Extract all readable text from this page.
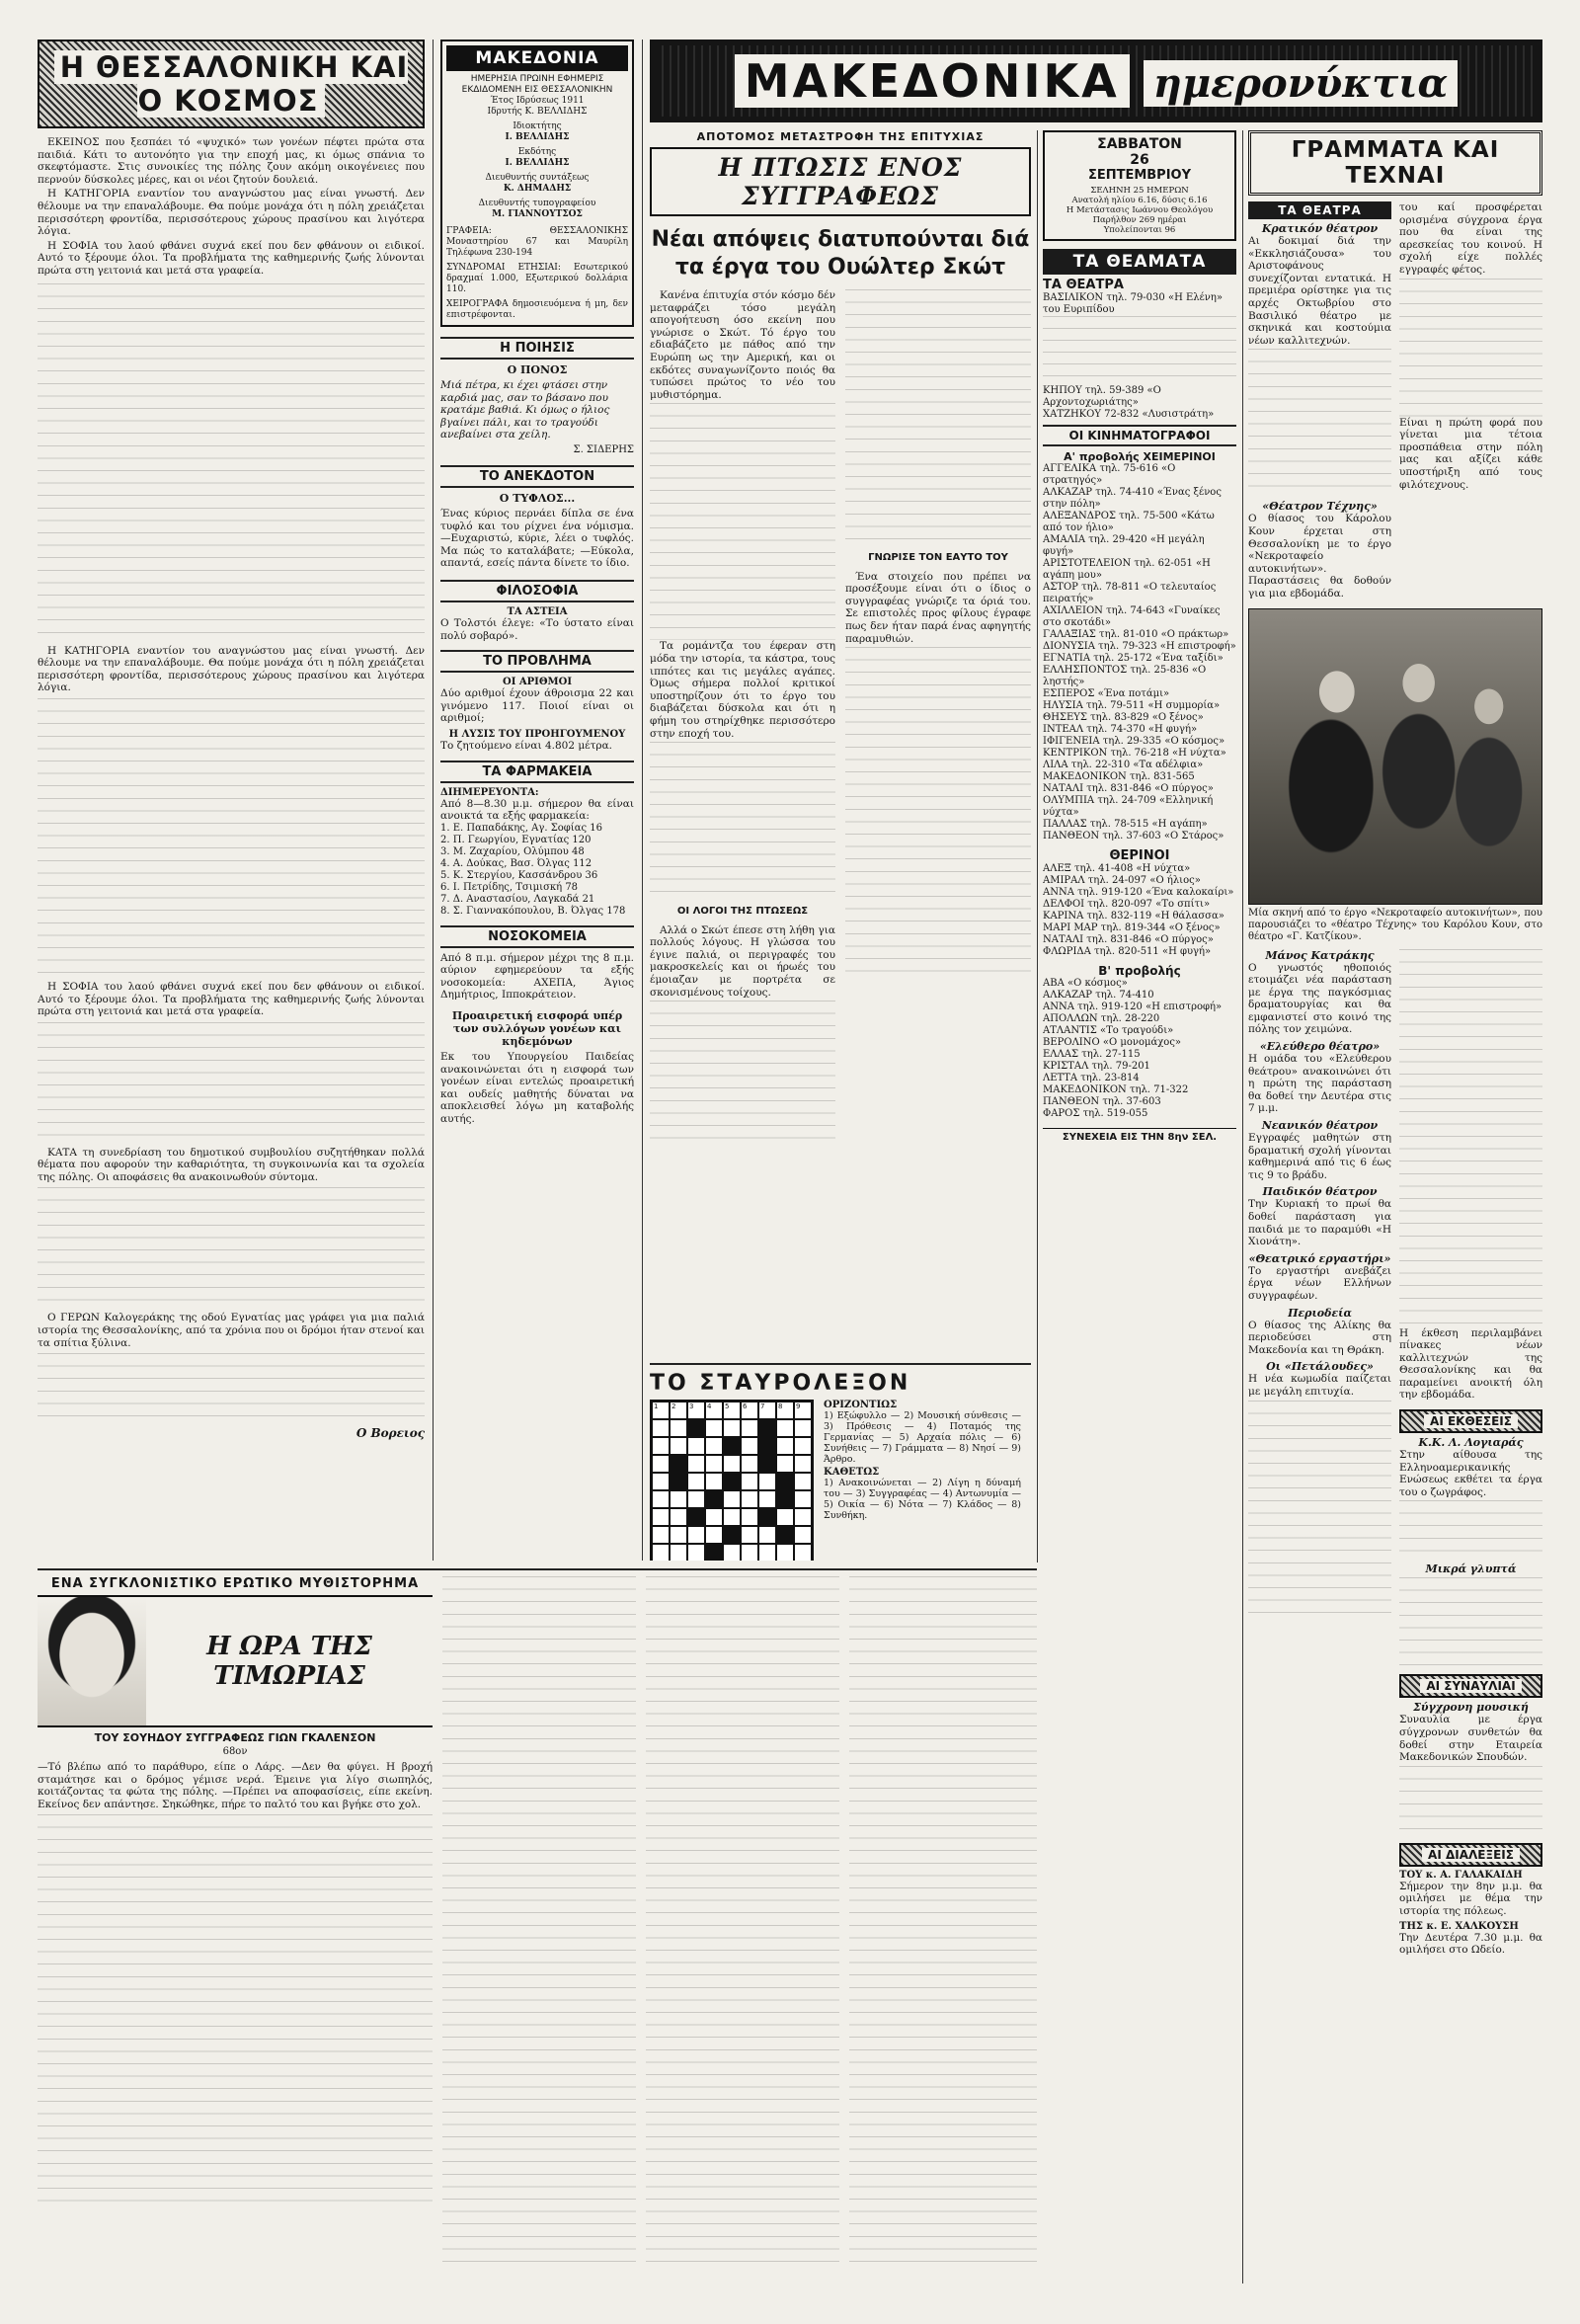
Η ΘΕΣΣΑΛΟΝΙΚΗ ΚΑΙ Ο ΚΟΣΜΟΣ

ΕΚΕΙΝΟΣ που ξεσπάει τό «ψυχικό» των γονέων πέφτει πρώτα στα παιδιά. Κάτι το αυτονόητο για την εποχή μας, κι όμως σπάνια το σκεφτόμαστε. Στις συνοικίες της πόλης ζουν ακόμη οικογένειες που περνούν δύσκολες μέρες, και οι νέοι ζητούν δουλειά.

Η ΚΑΤΗΓΟΡΙΑ εναντίον του αναγνώστου μας είναι γνωστή. Δεν θέλουμε να την επαναλάβουμε. Θα πούμε μονάχα ότι η πόλη χρειάζεται περισσότερη φροντίδα, περισσότερους χώρους πρασίνου και λιγότερα λόγια.

Η ΣΟΦΙΑ του λαού φθάνει συχνά εκεί που δεν φθάνουν οι ειδικοί. Αυτό το ξέρουμε όλοι. Τα προβλήματα της καθημερινής ζωής λύνονται πρώτα στη γειτονιά και μετά στα γραφεία.

Η ΚΑΤΗΓΟΡΙΑ εναντίον του αναγνώστου μας είναι γνωστή. Δεν θέλουμε να την επαναλάβουμε. Θα πούμε μονάχα ότι η πόλη χρειάζεται περισσότερη φροντίδα, περισσότερους χώρους πρασίνου και λιγότερα λόγια.

Η ΣΟΦΙΑ του λαού φθάνει συχνά εκεί που δεν φθάνουν οι ειδικοί. Αυτό το ξέρουμε όλοι. Τα προβλήματα της καθημερινής ζωής λύνονται πρώτα στη γειτονιά και μετά στα γραφεία.

ΚΑΤΑ τη συνεδρίαση του δημοτικού συμβουλίου συζητήθηκαν πολλά θέματα που αφορούν την καθαριότητα, τη συγκοινωνία και τα σχολεία της πόλης. Οι αποφάσεις θα ανακοινωθούν σύντομα.

Ο ΓΕΡΩΝ Καλογεράκης της οδού Εγνατίας μας γράφει για μια παλιά ιστορία της Θεσσαλονίκης, από τα χρόνια που οι δρόμοι ήταν στενοί και τα σπίτια ξύλινα.

Ο Βορειος
ΜΑΚΕΔΟΝΙΑ
ΗΜΕΡΗΣΙΑ ΠΡΩΙΝΗ ΕΦΗΜΕΡΙΣ ΕΚΔΙΔΟΜΕΝΗ ΕΙΣ ΘΕΣΣΑΛΟΝΙΚΗΝ
Έτος Ιδρύσεως 1911
Ιδρυτής Κ. ΒΕΛΛΙΔΗΣ
Ιδιοκτήτης
Ι. ΒΕΛΛΙΔΗΣ
Εκδότης
Ι. ΒΕΛΛΙΔΗΣ
Διευθυντής συντάξεως
Κ. ΔΗΜΑΔΗΣ
Διευθυντής τυπογραφείου
Μ. ΓΙΑΝΝΟΥΤΣΟΣ
ΓΡΑΦΕΙΑ: ΘΕΣΣΑΛΟΝΙΚΗΣ Μοναστηρίου 67 και Μαυρίλη Τηλέφωνα 230-194
ΣΥΝΔΡΟΜΑΙ ΕΤΗΣΙΑΙ: Εσωτερικού δραχμαί 1.000, Εξωτερικού δολλάρια 110.
ΧΕΙΡΟΓΡΑΦΑ δημοσιευόμενα ή μη, δεν επιστρέφονται.
Η ΠΟΙΗΣΙΣ
Ο ΠΟΝΟΣ
Μιά πέτρα, κι έχει φτάσει στην καρδιά μας, σαν το βάσανο που κρατάμε βαθιά. Κι όμως ο ήλιος βγαίνει πάλι, και το τραγούδι ανεβαίνει στα χείλη.
Σ. ΣΙΔΕΡΗΣ
ΤΟ ΑΝΕΚΔΟΤΟΝ
Ο ΤΥΦΛΟΣ...
Ένας κύριος περνάει δίπλα σε ένα τυφλό και του ρίχνει ένα νόμισμα. —Ευχαριστώ, κύριε, λέει ο τυφλός. Μα πώς το καταλάβατε; —Εύκολα, απαντά, εσείς πάντα δίνετε το ίδιο.
ΦΙΛΟΣΟΦΙΑ
ΤΑ ΑΣΤΕΙΑ
Ο Τολστόι έλεγε: «Το ύστατο είναι πολύ σοβαρό».
ΤΟ ΠΡΟΒΛΗΜΑ
ΟΙ ΑΡΙΘΜΟΙ
Δύο αριθμοί έχουν άθροισμα 22 και γινόμενο 117. Ποιοί είναι οι αριθμοί;
Η ΛΥΣΙΣ ΤΟΥ ΠΡΟΗΓΟΥΜΕΝΟΥ
Το ζητούμενο είναι 4.802 μέτρα.
ΤΑ ΦΑΡΜΑΚΕΙΑ
ΔΙΗΜΕΡΕΥΟΝΤΑ:
Από 8—8.30 μ.μ. σήμερον θα είναι ανοικτά τα εξής φαρμακεία:
1. Ε. Παπαδάκης, Αγ. Σοφίας 16
2. Π. Γεωργίου, Εγνατίας 120
3. Μ. Ζαχαρίου, Ολύμπου 48
4. Α. Δούκας, Βασ. Όλγας 112
5. Κ. Στεργίου, Κασσάνδρου 36
6. Ι. Πετρίδης, Τσιμισκή 78
7. Δ. Αναστασίου, Λαγκαδά 21
8. Σ. Γιαννακόπουλου, Β. Όλγας 178
ΝΟΣΟΚΟΜΕΙΑ
Από 8 π.μ. σήμερον μέχρι της 8 π.μ. αύριον εφημερεύουν τα εξής νοσοκομεία: ΑΧΕΠΑ, Άγιος Δημήτριος, Ιπποκράτειον.
Προαιρετική εισφορά υπέρ των συλλόγων γονέων και κηδεμόνων
Εκ του Υπουργείου Παιδείας ανακοινώνεται ότι η εισφορά των γονέων είναι εντελώς προαιρετική και ουδείς μαθητής δύναται να αποκλεισθεί λόγω μη καταβολής αυτής.
ΜΑΚΕΔΟΝΙΚΑ ημερονύκτια
ΑΠΟΤΟΜΟΣ ΜΕΤΑΣΤΡΟΦΗ ΤΗΣ ΕΠΙΤΥΧΙΑΣ
Η ΠΤΩΣΙΣ ΕΝΟΣ ΣΥΓΓΡΑΦΕΩΣ
Νέαι απόψεις διατυπούνται διά τα έργα του Ουώλτερ Σκώτ

Κανένα έπιτυχία στόν κόσμο δέν μεταφράζει τόσο μεγάλη απογοήτευση όσο εκείνη που γνώρισε ο Σκώτ. Τό έργο του εδιαβάζετο με πάθος από την Ευρώπη ως την Αμερική, και οι εκδότες συναγωνίζοντο ποιός θα τυπώσει πρώτος το νέο του μυθιστόρημα.

Τα ρομάντζα του έφεραν στη μόδα την ιστορία, τα κάστρα, τους ιππότες και τις μεγάλες αγάπες. Όμως σήμερα πολλοί κριτικοί υποστηρίζουν ότι το έργο του διαβάζεται δύσκολα και ότι η φήμη του στηρίχθηκε περισσότερο στην εποχή του.

ΟΙ ΛΟΓΟΙ ΤΗΣ ΠΤΩΣΕΩΣ

Αλλά ο Σκώτ έπεσε στη λήθη για πολλούς λόγους. Η γλώσσα του έγινε παλιά, οι περιγραφές του μακροσκελείς και οι ήρωές του έμοιαζαν με πορτρέτα σε σκονισμένους τοίχους.

ΓΝΩΡΙΣΕ ΤΟΝ ΕΑΥΤΟ ΤΟΥ

Ένα στοιχείο που πρέπει να προσέξουμε είναι ότι ο ίδιος ο συγγραφέας γνώριζε τα όριά του. Σε επιστολές προς φίλους έγραφε πως δεν ήταν παρά ένας αφηγητής παραμυθιών.

ΣΑΒΒΑΤΟΝ
26
ΣΕΠΤΕΜΒΡΙΟΥ
ΣΕΛΗΝΗ 25 ΗΜΕΡΩΝ
Ανατολή ηλίου 6.16, δύσις 6.16
Η Μετάστασις Ιωάννου Θεολόγου
Παρήλθον 269 ημέραι
Υπολείπονται 96
ΤΑ ΘΕΑΜΑΤΑ
ΤΑ ΘΕΑΤΡΑ
ΒΑΣΙΛΙΚΟΝ τηλ. 79-030 «Η Ελένη» του Ευριπίδου
ΚΗΠΟΥ τηλ. 59-389 «Ο Αρχοντοχωριάτης»
ΧΑΤΖΗΚΟΥ 72-832 «Λυσιστράτη»
ΟΙ ΚΙΝΗΜΑΤΟΓΡΑΦΟΙ
Α' προβολής ΧΕΙΜΕΡΙΝΟΙ
ΑΓΓΕΛΙΚΑ τηλ. 75-616 «Ο στρατηγός»
ΑΛΚΑΖΑΡ τηλ. 74-410 «Ένας ξένος στην πόλη»
ΑΛΕΞΑΝΔΡΟΣ τηλ. 75-500 «Κάτω από τον ήλιο»
ΑΜΑΛΙΑ τηλ. 29-420 «Η μεγάλη φυγή»
ΑΡΙΣΤΟΤΕΛΕΙΟΝ τηλ. 62-051 «Η αγάπη μου»
ΑΣΤΟΡ τηλ. 78-811 «Ο τελευταίος πειρατής»
ΑΧΙΛΛΕΙΟΝ τηλ. 74-643 «Γυναίκες στο σκοτάδι»
ΓΑΛΑΞΙΑΣ τηλ. 81-010 «Ο πράκτωρ»
ΔΙΟΝΥΣΙΑ τηλ. 79-323 «Η επιστροφή»
ΕΓΝΑΤΙΑ τηλ. 25-172 «Ένα ταξίδι»
ΕΛΛΗΣΠΟΝΤΟΣ τηλ. 25-836 «Ο ληστής»
ΕΣΠΕΡΟΣ «Ένα ποτάμι»
ΗΛΥΣΙΑ τηλ. 79-511 «Η συμμορία»
ΘΗΣΕΥΣ τηλ. 83-829 «Ο ξένος»
ΙΝΤΕΑΛ τηλ. 74-370 «Η φυγή»
ΙΦΙΓΕΝΕΙΑ τηλ. 29-335 «Ο κόσμος»
ΚΕΝΤΡΙΚΟΝ τηλ. 76-218 «Η νύχτα»
ΛΙΛΑ τηλ. 22-310 «Τα αδέλφια»
ΜΑΚΕΔΟΝΙΚΟΝ τηλ. 831-565
ΝΑΤΑΛΙ τηλ. 831-846 «Ο πύργος»
ΟΛΥΜΠΙΑ τηλ. 24-709 «Ελληνική νύχτα»
ΠΑΛΛΑΣ τηλ. 78-515 «Η αγάπη»
ΠΑΝΘΕΟΝ τηλ. 37-603 «Ο Στάρος»
ΘΕΡΙΝΟΙ
ΑΛΕΞ τηλ. 41-408 «Η νύχτα»
ΑΜΙΡΑΛ τηλ. 24-097 «Ο ήλιος»
ΑΝΝΑ τηλ. 919-120 «Ένα καλοκαίρι»
ΔΕΛΦΟΙ τηλ. 820-097 «Το σπίτι»
ΚΑΡΙΝΑ τηλ. 832-119 «Η θάλασσα»
ΜΑΡΙ ΜΑΡ τηλ. 819-344 «Ο ξένος»
ΝΑΤΑΛΙ τηλ. 831-846 «Ο πύργος»
ΦΛΩΡΙΔΑ τηλ. 820-511 «Η φυγή»
Β' προβολής
ΑΒΑ «Ο κόσμος»
ΑΛΚΑΖΑΡ τηλ. 74-410
ΑΝΝΑ τηλ. 919-120 «Η επιστροφή»
ΑΠΟΛΛΩΝ τηλ. 28-220
ΑΤΛΑΝΤΙΣ «Το τραγούδι»
ΒΕΡΟΛΙΝΟ «Ο μονομάχος»
ΕΛΛΑΣ τηλ. 27-115
ΚΡΙΣΤΑΛ τηλ. 79-201
ΛΕΤΤΑ τηλ. 23-814
ΜΑΚΕΔΟΝΙΚΟΝ τηλ. 71-322
ΠΑΝΘΕΟΝ τηλ. 37-603
ΦΑΡΟΣ τηλ. 519-055
ΣΥΝΕΧΕΙΑ ΕΙΣ ΤΗΝ 8ην ΣΕΛ.
ΓΡΑΜΜΑΤΑ ΚΑΙ ΤΕΧΝΑΙ
ΤΑ ΘΕΑΤΡΑ
Κρατικόν θέατρον
Αι δοκιμαί διά την «Εκκλησιάζουσα» του Αριστοφάνους συνεχίζονται εντατικά. Η πρεμιέρα ορίστηκε για τις αρχές Οκτωβρίου στο Βασιλικό θέατρο με σκηνικά και κοστούμια νέων καλλιτεχνών.
«Θέατρον Τέχνης»
Ο θίασος του Κάρολου Κουν έρχεται στη Θεσσαλονίκη με το έργο «Νεκροταφείο αυτοκινήτων». Παραστάσεις θα δοθούν για μια εβδομάδα.
του καί προσφέρεται ορισμένα σύγχρονα έργα που θα είναι της αρεσκείας του κοινού. Η σχολή είχε πολλές εγγραφές φέτος.
Είναι η πρώτη φορά που γίνεται μια τέτοια προσπάθεια στην πόλη μας και αξίζει κάθε υποστήριξη από τους φιλότεχνους.
Μία σκηνή από το έργο «Νεκροταφείο αυτοκινήτων», που παρουσιάζει το «θέατρο Τέχνης» του Καρόλου Κουν, στο θέατρο «Γ. Κατζίκου».
Μάνος Κατράκης
Ο γνωστός ηθοποιός ετοιμάζει νέα παράσταση με έργα της παγκόσμιας δραματουργίας και θα εμφανιστεί στο κοινό της πόλης τον χειμώνα.
«Ελεύθερο θέατρο»
Η ομάδα του «Ελεύθερου θεάτρου» ανακοινώνει ότι η πρώτη της παράσταση θα δοθεί την Δευτέρα στις 7 μ.μ.
Νεανικόν θέατρον
Εγγραφές μαθητών στη δραματική σχολή γίνονται καθημερινά από τις 6 έως τις 9 το βράδυ.
Παιδικόν θέατρον
Την Κυριακή το πρωί θα δοθεί παράσταση για παιδιά με το παραμύθι «Η Χιονάτη».
«Θεατρικό εργαστήρι»
Το εργαστήρι ανεβάζει έργα νέων Ελλήνων συγγραφέων.
Περιοδεία
Ο θίασος της Αλίκης θα περιοδεύσει στη Μακεδονία και τη Θράκη.
Οι «Πετάλουδες»
Η νέα κωμωδία παίζεται με μεγάλη επιτυχία.
Η έκθεση περιλαμβάνει πίνακες νέων καλλιτεχνών της Θεσσαλονίκης και θα παραμείνει ανοικτή όλη την εβδομάδα.
ΑΙ ΕΚΘΕΣΕΙΣ
Κ.Κ. Λ. Λογιαράς
Στην αίθουσα της Ελληνοαμερικανικής Ενώσεως εκθέτει τα έργα του ο ζωγράφος.
Μικρά γλυπτά
ΑΙ ΣΥΝΑΥΛΙΑΙ
Σύγχρονη μουσική
Συναυλία με έργα σύγχρονων συνθετών θα δοθεί στην Εταιρεία Μακεδονικών Σπουδών.
ΑΙ ΔΙΑΛΕΞΕΙΣ
ΤΟΥ κ. Α. ΓΑΛΑΚΑΙΔΗ
Σήμερον την 8ην μ.μ. θα ομιλήσει με θέμα την ιστορία της πόλεως.
ΤΗΣ κ. Ε. ΧΑΛΚΟΥΣΗ
Την Δευτέρα 7.30 μ.μ. θα ομιλήσει στο Ωδείο.
ΤΟ ΣΤΑΥΡΟΛΕΞΟΝ
1	2	3	4	5	6	7	8	9	ΟΡΙΖΟΝΤΙΩΣ
1) Εξώφυλλο — 2) Μουσική σύνθεσις — 3) Πρόθεσις — 4) Ποταμός της Γερμανίας — 5) Αρχαία πόλις — 6) Συνήθεις — 7) Γράμματα — 8) Νησί — 9) Άρθρο.
ΚΑΘΕΤΩΣ
1) Ανακοινώνεται — 2) Λίγη η δύναμή του — 3) Συγγραφέας — 4) Αντωνυμία — 5) Οικία — 6) Νότα — 7) Κλάδος — 8) Συνθήκη.
ΕΝΑ ΣΥΓΚΛΟΝΙΣΤΙΚΟ ΕΡΩΤΙΚΟ ΜΥΘΙΣΤΟΡΗΜΑ
Η ΩΡΑ ΤΗΣ ΤΙΜΩΡΙΑΣ
ΤΟΥ ΣΟΥΗΔΟΥ ΣΥΓΓΡΑΦΕΩΣ ΓΙΩΝ ΓΚΑΛΕΝΣΟΝ
68ον
—Τό βλέπω από το παράθυρο, είπε ο Λάρς. —Δεν θα φύγει. Η βροχή σταμάτησε και ο δρόμος γέμισε νερά. Έμεινε για λίγο σιωπηλός, κοιτάζοντας τα φώτα της πόλης. —Πρέπει να αποφασίσεις, είπε εκείνη. Εκείνος δεν απάντησε. Σηκώθηκε, πήρε το παλτό του και βγήκε στο χολ.
